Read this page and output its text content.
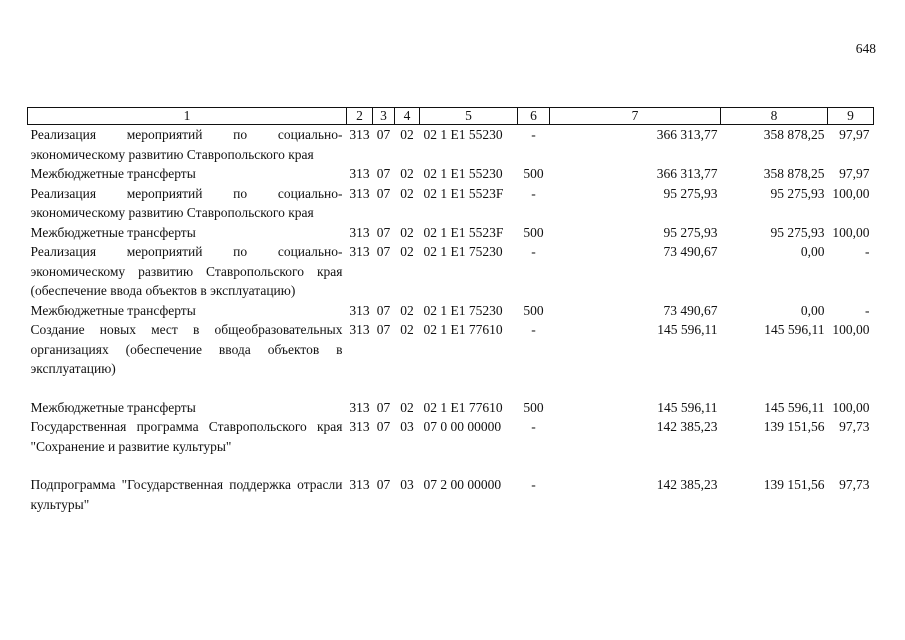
648
1	2	3	4	5	6	7	8	9
Реализация мероприятий по социально-экономическому развитию Ставропольского края	313	07	02	02 1 E1 55230	-	366 313,77	358 878,25	97,97
Межбюджетные трансферты	313	07	02	02 1 E1 55230	500	366 313,77	358 878,25	97,97
Реализация мероприятий по социально-экономическому развитию Ставропольского края	313	07	02	02 1 E1 5523F	-	95 275,93	95 275,93	100,00
Межбюджетные трансферты	313	07	02	02 1 E1 5523F	500	95 275,93	95 275,93	100,00
Реализация мероприятий по социально-экономическому развитию Ставропольского края (обеспечение ввода объектов в эксплуатацию)	313	07	02	02 1 E1 75230	-	73 490,67	0,00	-
Межбюджетные трансферты	313	07	02	02 1 E1 75230	500	73 490,67	0,00	-
Создание новых мест в общеобразовательных организациях (обеспечение ввода объектов в эксплуатацию)	313	07	02	02 1 E1 77610	-	145 596,11	145 596,11	100,00

Межбюджетные трансферты	313	07	02	02 1 E1 77610	500	145 596,11	145 596,11	100,00
Государственная программа Ставропольского края "Сохранение и развитие культуры"	313	07	03	07 0 00 00000	-	142 385,23	139 151,56	97,73

Подпрограмма "Государственная поддержка отрасли культуры"	313	07	03	07 2 00 00000	-	142 385,23	139 151,56	97,73
